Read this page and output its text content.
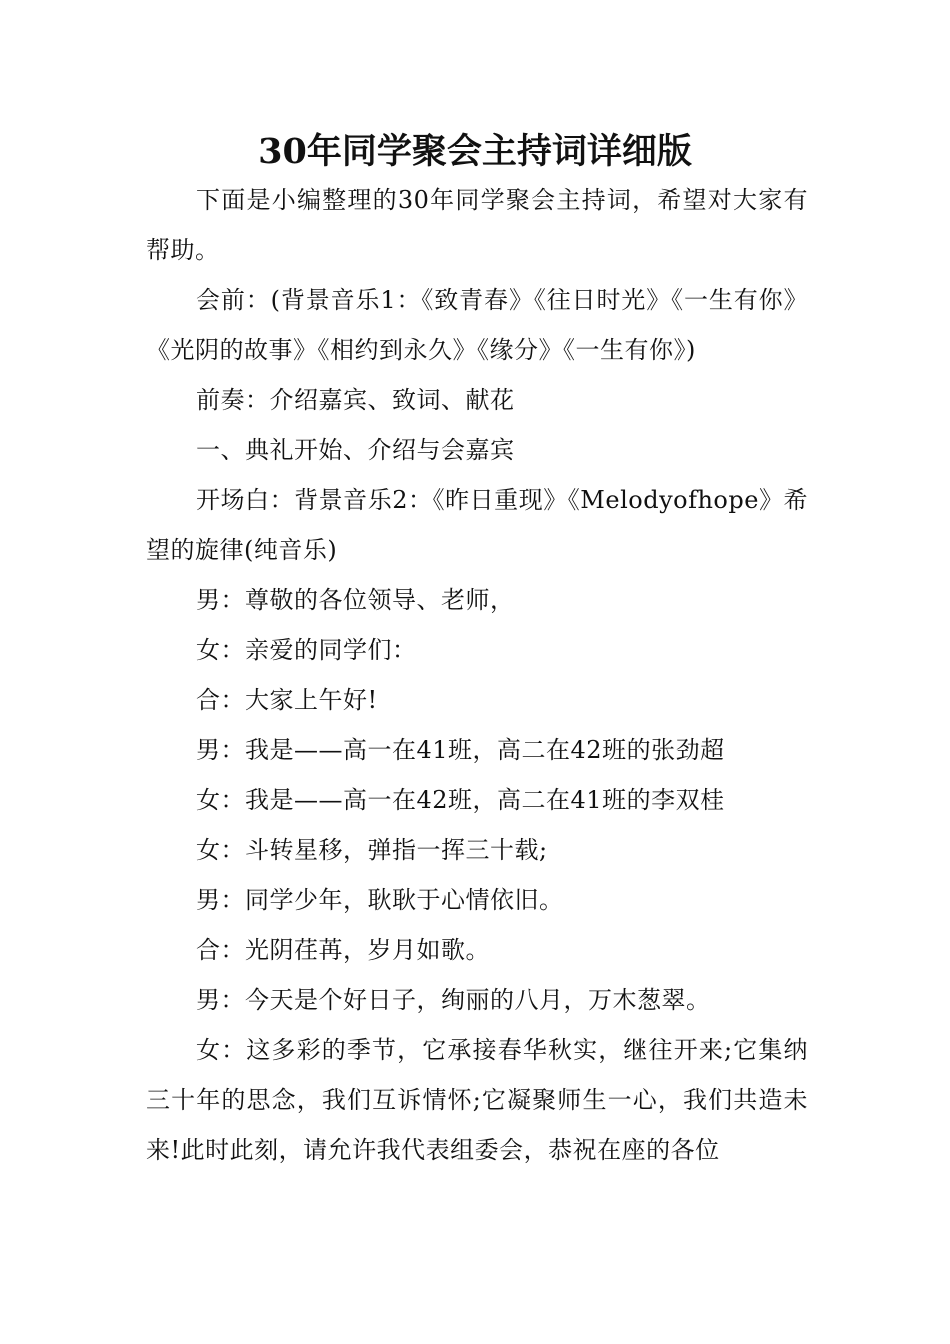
30年同学聚会主持词详细版

下面是小编整理的30年同学聚会主持词，希望对大家有帮助。

会前：(背景音乐1：《致青春》《往日时光》《一生有你》《光阴的故事》《相约到永久》《缘分》《一生有你》)

前奏：介绍嘉宾、致词、献花

一、典礼开始、介绍与会嘉宾

开场白：背景音乐2：《昨日重现》《Melodyofhope》希望的旋律(纯音乐)

男：尊敬的各位领导、老师，

女：亲爱的同学们：

合：大家上午好!

男：我是——高一在41班，高二在42班的张劲超

女：我是——高一在42班，高二在41班的李双桂

女：斗转星移，弹指一挥三十载;

男：同学少年，耿耿于心情依旧。

合：光阴荏苒，岁月如歌。

男：今天是个好日子，绚丽的八月，万木葱翠。

女：这多彩的季节，它承接春华秋实，继往开来;它集纳三十年的思念，我们互诉情怀;它凝聚师生一心，我们共造未来!此时此刻，请允许我代表组委会，恭祝在座的各位
